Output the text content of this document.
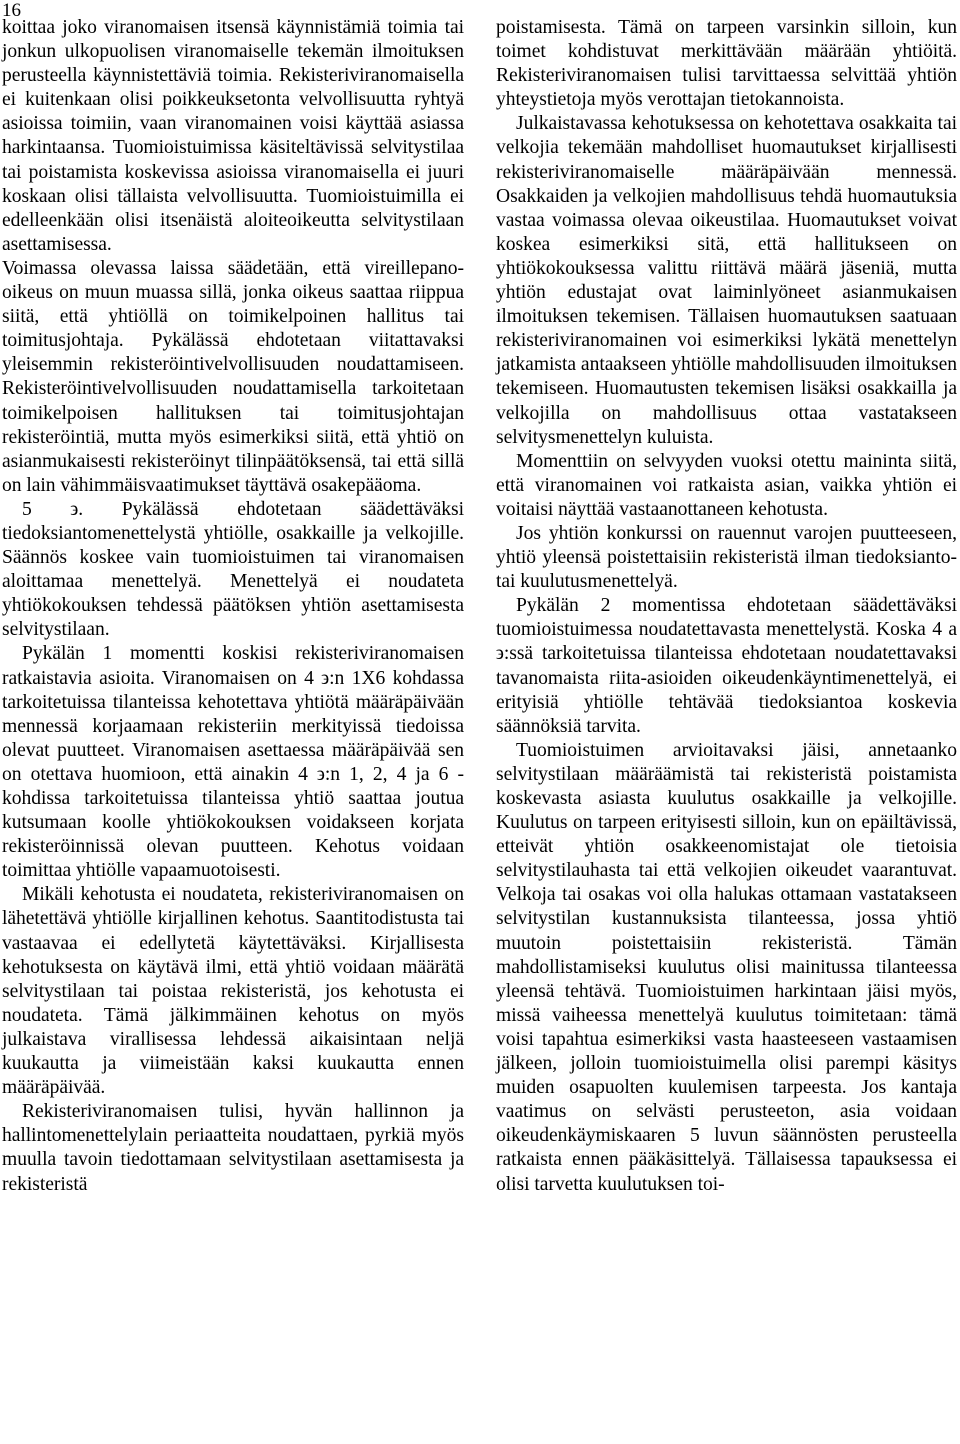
16

koittaa joko viranomaisen itsensä käynnistämiä toimia tai jonkun ulkopuolisen viranomaiselle tekemän ilmoituksen perusteella käynnistettäviä toimia. Rekisteriviranomaisella ei kuitenkaan olisi poikkeuksetonta velvollisuutta ryhtyä asioissa toimiin, vaan viranomainen voisi käyttää asiassa harkintaansa. Tuomioistuimissa käsiteltävissä selvitystilaa tai poistamista koskevissa asioissa viranomaisella ei juuri koskaan olisi tällaista velvollisuutta. Tuomioistuimilla ei edelleenkään olisi itsenäistä aloiteoikeutta selvitystilaan asettamisessa.

Voimassa olevassa laissa säädetään, että vireillepano-oikeus on muun muassa sillä, jonka oikeus saattaa riippua siitä, että yhtiöllä on toimikelpoinen hallitus tai toimitusjohtaja. Pykälässä ehdotetaan viitattavaksi yleisemmin rekisteröintivelvollisuuden noudattamiseen. Rekisteröintivelvollisuuden noudattamisella tarkoitetaan toimikelpoisen hallituksen tai toimitusjohtajan rekisteröintiä, mutta myös esimerkiksi siitä, että yhtiö on asianmukaisesti rekisteröinyt tilinpäätöksensä, tai että sillä on lain vähimmäisvaatimukset täyttävä osakepääoma.

5 ϶. Pykälässä ehdotetaan säädettäväksi tiedoksiantomenettelystä yhtiölle, osakkaille ja velkojille. Säännös koskee vain tuomioistuimen tai viranomaisen aloittamaa menettelyä. Menettelyä ei noudateta yhtiökokouksen tehdessä päätöksen yhtiön asettamisesta selvitystilaan.

Pykälän 1 momentti koskisi rekisteriviranomaisen ratkaistavia asioita. Viranomaisen on 4 ϶:n 1X6 kohdassa tarkoitetuissa tilanteissa kehotettava yhtiötä määräpäivään mennessä korjaamaan rekisteriin merkityissä tiedoissa olevat puutteet. Viranomaisen asettaessa määräpäivää sen on otettava huomioon, että ainakin 4 ϶:n 1, 2, 4 ja 6 -kohdissa tarkoitetuissa tilanteissa yhtiö saattaa joutua kutsumaan koolle yhtiökokouksen voidakseen korjata rekisteröinnissä olevan puutteen. Kehotus voidaan toimittaa yhtiölle vapaamuotoisesti.

Mikäli kehotusta ei noudateta, rekisteriviranomaisen on lähetettävä yhtiölle kirjallinen kehotus. Saantitodistusta tai vastaavaa ei edellytetä käytettäväksi. Kirjallisesta kehotuksesta on käytävä ilmi, että yhtiö voidaan määrätä selvitystilaan tai poistaa rekisteristä, jos kehotusta ei noudateta. Tämä jälkimmäinen kehotus on myös julkaistava virallisessa lehdessä aikaisintaan neljä kuukautta ja viimeistään kaksi kuukautta ennen määräpäivää.

Rekisteriviranomaisen tulisi, hyvän hallinnon ja hallintomenettelylain periaatteita noudattaen, pyrkiä myös muulla tavoin tiedottamaan selvitystilaan asettamisesta ja rekisteristä

poistamisesta. Tämä on tarpeen varsinkin silloin, kun toimet kohdistuvat merkittävään määrään yhtiöitä. Rekisteriviranomaisen tulisi tarvittaessa selvittää yhtiön yhteystietoja myös verottajan tietokannoista.

Julkaistavassa kehotuksessa on kehotettava osakkaita tai velkojia tekemään mahdolliset huomautukset kirjallisesti rekisteriviranomaiselle määräpäivään mennessä. Osakkaiden ja velkojien mahdollisuus tehdä huomautuksia vastaa voimassa olevaa oikeustilaa. Huomautukset voivat koskea esimerkiksi sitä, että hallitukseen on yhtiökokouksessa valittu riittävä määrä jäseniä, mutta yhtiön edustajat ovat laiminlyöneet asianmukaisen ilmoituksen tekemisen. Tällaisen huomautuksen saatuaan rekisteriviranomainen voi esimerkiksi lykätä menettelyn jatkamista antaakseen yhtiölle mahdollisuuden ilmoituksen tekemiseen. Huomautusten tekemisen lisäksi osakkailla ja velkojilla on mahdollisuus ottaa vastatakseen selvitysmenettelyn kuluista.

Momenttiin on selvyyden vuoksi otettu maininta siitä, että viranomainen voi ratkaista asian, vaikka yhtiön ei voitaisi näyttää vastaanottaneen kehotusta.

Jos yhtiön konkurssi on rauennut varojen puutteeseen, yhtiö yleensä poistettaisiin rekisteristä ilman tiedoksianto- tai kuulutusmenettelyä.

Pykälän 2 momentissa ehdotetaan säädettäväksi tuomioistuimessa noudatettavasta menettelystä. Koska 4 a ϶:ssä tarkoitetuissa tilanteissa ehdotetaan noudatettavaksi tavanomaista riita-asioiden oikeudenkäyntimenettelyä, ei erityisiä yhtiölle tehtävää tiedoksiantoa koskevia säännöksiä tarvita.

Tuomioistuimen arvioitavaksi jäisi, annetaanko selvitystilaan määräämistä tai rekisteristä poistamista koskevasta asiasta kuulutus osakkaille ja velkojille. Kuulutus on tarpeen erityisesti silloin, kun on epäiltävissä, etteivät yhtiön osakkeenomistajat ole tietoisia selvitystilauhasta tai että velkojien oikeudet vaarantuvat. Velkoja tai osakas voi olla halukas ottamaan vastatakseen selvitystilan kustannuksista tilanteessa, jossa yhtiö muutoin poistettaisiin rekisteristä. Tämän mahdollistamiseksi kuulutus olisi mainitussa tilanteessa yleensä tehtävä. Tuomioistuimen harkintaan jäisi myös, missä vaiheessa menettelyä kuulutus toimitetaan: tämä voisi tapahtua esimerkiksi vasta haasteeseen vastaamisen jälkeen, jolloin tuomioistuimella olisi parempi käsitys muiden osapuolten kuulemisen tarpeesta. Jos kantaja vaatimus on selvästi perusteeton, asia voidaan oikeudenkäymiskaaren 5 luvun säännösten perusteella ratkaista ennen pääkäsittelyä. Tällaisessa tapauksessa ei olisi tarvetta kuulutuksen toi-
